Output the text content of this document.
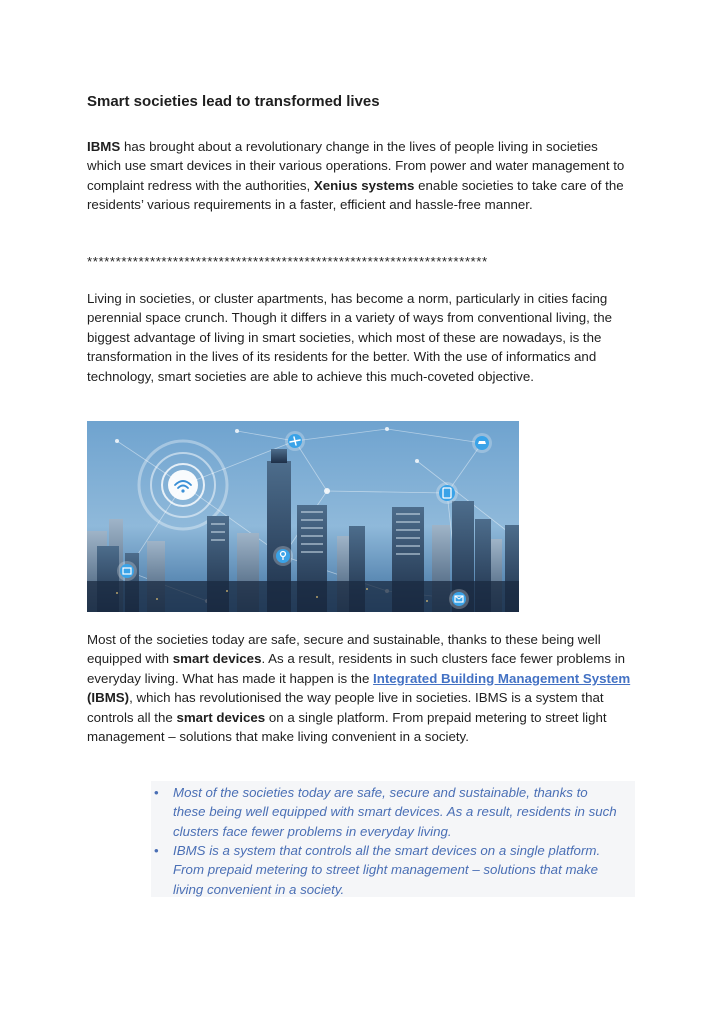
Smart societies lead to transformed lives

IBMS has brought about a revolutionary change in the lives of people living in societies which use smart devices in their various operations. From power and water management to complaint redress with the authorities, Xenius systems enable societies to take care of the residents’ various requirements in a faster, efficient and hassle-free manner.

**********************************************************************

Living in societies, or cluster apartments, has become a norm, particularly in cities facing perennial space crunch. Though it differs in a variety of ways from conventional living, the biggest advantage of living in smart societies, which most of these are nowadays, is the transformation in the lives of its residents for the better. With the use of informatics and technology, smart societies are able to achieve this much-coveted objective.

Most of the societies today are safe, secure and sustainable, thanks to these being well equipped with smart devices. As a result, residents in such clusters face fewer problems in everyday living. What has made it happen is the Integrated Building Management System (IBMS), which has revolutionised the way people live in societies. IBMS is a system that controls all the smart devices on a single platform. From prepaid metering to street light management – solutions that make living convenient in a society.

• Most of the societies today are safe, secure and sustainable, thanks to these being well equipped with smart devices. As a result, residents in such clusters face fewer problems in everyday living.
• IBMS is a system that controls all the smart devices on a single platform. From prepaid metering to street light management – solutions that make living convenient in a society.
